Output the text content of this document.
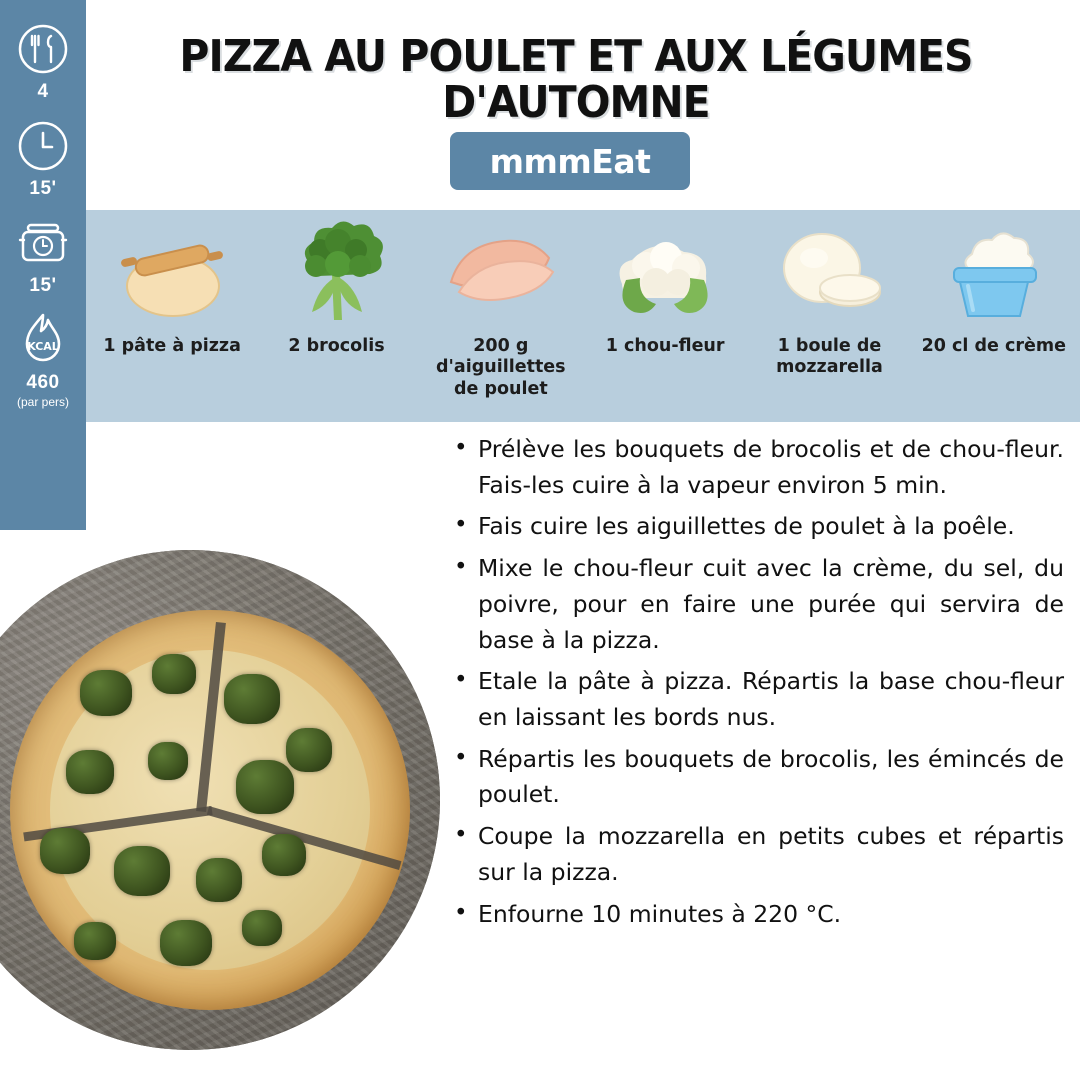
4
15'
15'
KCAL
460
(par pers)
PIZZA AU POULET ET AUX LÉGUMES D'AUTOMNE
mmmEat
1 pâte à pizza	2 brocolis	200 g d'aiguillettes de poulet
1 chou-fleur	1 boule de mozzarella
20 cl de crème
• Prélève les bouquets de brocolis et de chou-fleur. Fais-les cuire à la vapeur environ 5 min.
• Fais cuire les aiguillettes de poulet à la poêle.
• Mixe le chou-fleur cuit avec la crème, du sel, du poivre, pour en faire une purée qui servira de base à la pizza.
• Etale la pâte à pizza. Répartis la base chou-fleur en laissant les bords nus.
• Répartis les bouquets de brocolis, les émincés de poulet.
• Coupe la mozzarella en petits cubes et répartis sur la pizza.
• Enfourne 10 minutes à 220 °C.
